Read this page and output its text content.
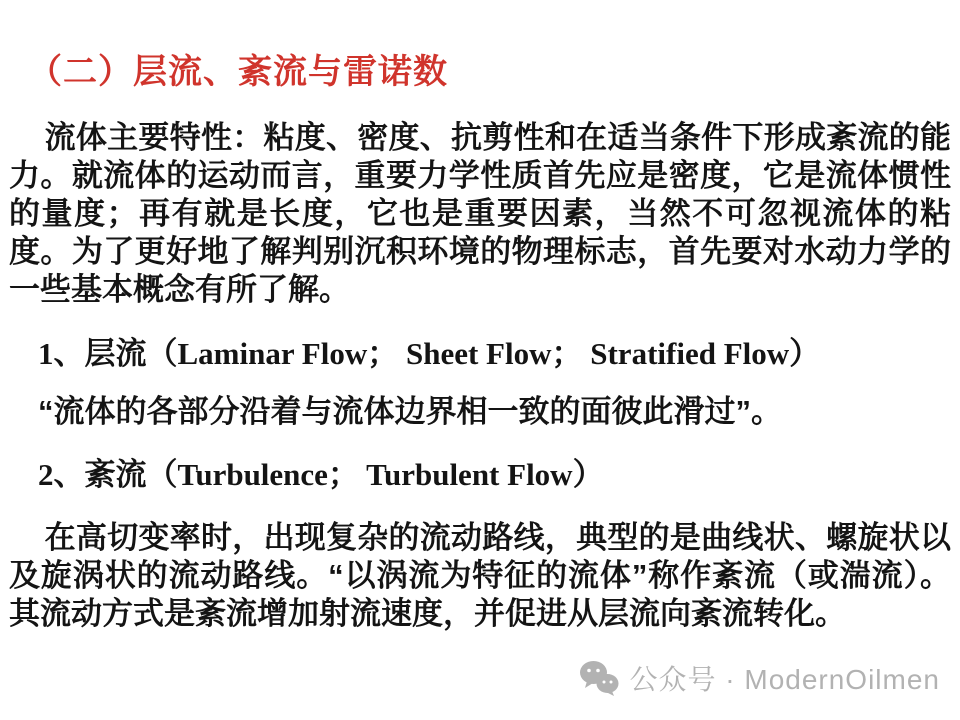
（二）层流、紊流与雷诺数

流体主要特性：粘度、密度、抗剪性和在适当条件下形成紊流的能力。就流体的运动而言，重要力学性质首先应是密度，它是流体惯性的量度；再有就是长度，它也是重要因素，当然不可忽视流体的粘度。为了更好地了解判别沉积环境的物理标志，首先要对水动力学的一些基本概念有所了解。

1、层流（Laminar Flow； Sheet Flow； Stratified Flow）

“流体的各部分沿着与流体边界相一致的面彼此滑过”。

2、紊流（Turbulence； Turbulent Flow）

在高切变率时，出现复杂的流动路线，典型的是曲线状、螺旋状以及旋涡状的流动路线。“以涡流为特征的流体”称作紊流（或湍流）。其流动方式是紊流增加射流速度，并促进从层流向紊流转化。

公众号 · ModernOilmen
